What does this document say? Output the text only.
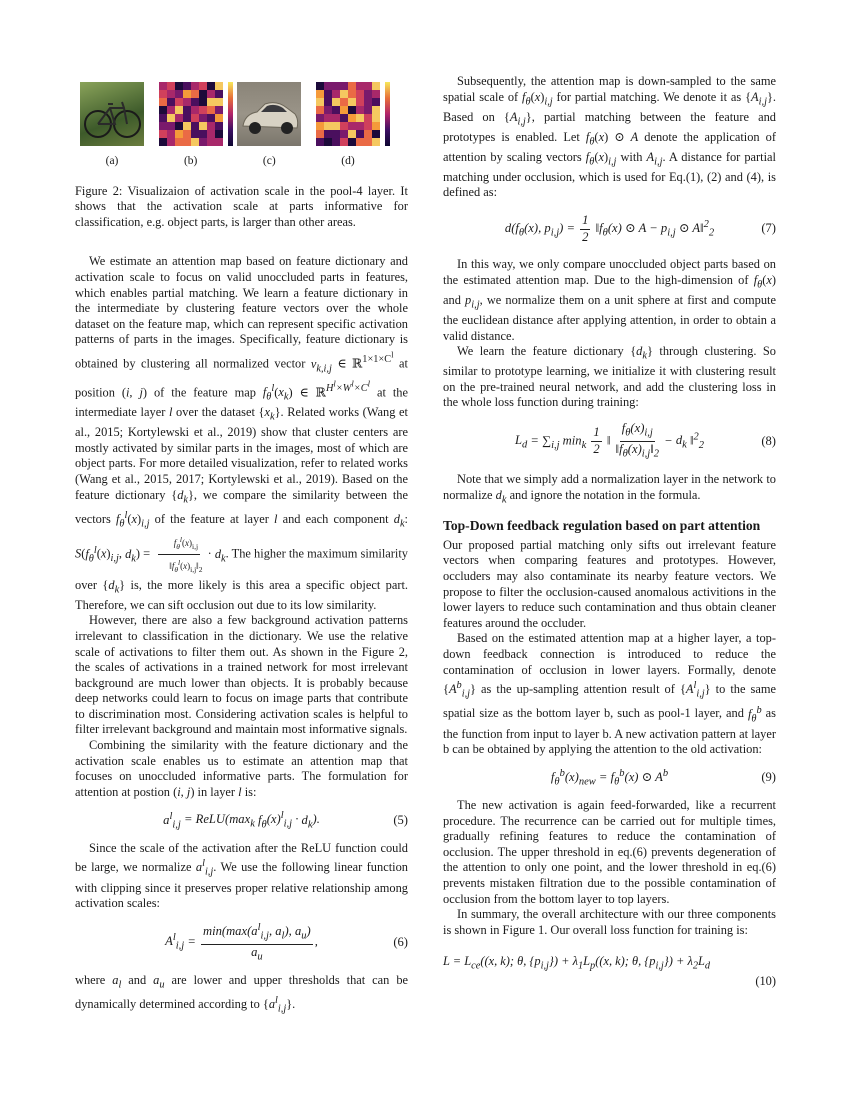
(a)	(b)	(c)	(d)
Figure 2: Visualizaion of activation scale in the pool-4 layer. It shows that the activation scale at parts informative for classification, e.g. object parts, is larger than other areas.

We estimate an attention map based on feature dictionary and activation scale to focus on valid unoccluded parts in features, which enables partial matching. We learn a feature dictionary in the intermediate by clustering feature vectors over the whole dataset on the feature map, which can represent specific activation patterns of parts in the images. Specifically, feature dictionary is obtained by clustering all normalized vector $v_{k,i,j}$ ∈ ℝ$^{1\times 1\times C^l}$ at position (i, j) of the feature map $f_\theta^l(x_k)$ ∈ ℝ$^{H^l\times W^l\times C^l}$ at the intermediate layer l over the dataset $\{x_k\}$. Related works (Wang et al., 2015; Kortylewski et al., 2019) show that cluster centers are mostly activated by similar parts in the images, most of which are object parts. For more detailed visualization, refer to related works (Wang et al., 2015, 2017; Kortylewski et al., 2019). Based on the feature dictionary $\{d_k\}$, we compare the similarity between the vectors $f_\theta^l(x)_{i,j}$ of the feature at layer l and each component $d_k$: $S(f_\theta^l(x)_{i,j}$, $d_k) = \frac{f_\theta^l(x)_{i,j}}{‖f_\theta^l(x)_{i,j}‖_2} \cdot d_k$. The higher the maximum similarity over $\{d_k\}$ is, the more likely is this area a specific object part. Therefore, we can sift occlusion out due to its low similarity.

However, there are also a few background activation patterns irrelevant to classification in the dictionary. We use the relative scale of activations to filter them out. As shown in the Figure 2, the scales of activations in a trained network for most irrelevant background are much lower than objects. It is probably because deep networks could learn to focus on image parts that contribute to discrimination most. Considering activation scales is helpful to filter irrelevant background and maintain most informative signals.

Combining the similarity with the feature dictionary and the activation scale enables us to estimate an attention map that focuses on unoccluded informative parts. The formulation for attention at postion (i, j) in layer l is:

$a^l_{i,j}$ = $ReLU(\max_k$ $f_\theta(x)^l_{i,j} \cdot d_k$).	(5)

Since the scale of the activation after the ReLU function could be large, we normalize $a^l_{i,j}$. We use the following linear function with clipping since it preserves proper relative relationship among activation scales:

$A^l_{i,j} = \frac{\min(\max(a^l_{i,j}, a_l), a_u)}{a_u}$ ,	(6)

where $a_l$ and $a_u$ are lower and upper thresholds that can be dynamically determined according to $\{a^l_{i,j}\}$.

Subsequently, the attention map is down-sampled to the same spatial scale of $f_\theta(x)_{i,j}$ for partial matching. We denote it as $\{A_{i,j}\}$. Based on $\{A_{i,j}\}$, partial matching between the feature and prototypes is enabled. Let $f_\theta(x)$ ⊙ A denote the application of attention by scaling vectors $f_\theta(x)_{i,j}$ with $A_{i,j}$. A distance for partial matching under occlusion, which is used for Eq.(1), (2) and (4), is defined as:

$d(f_\theta(x)$, $p_{i,j}) = \frac{1}{2}$ $‖f_\theta(x)$ ⊙ $A - p_{i,j}$ ⊙ A‖$^2_2$	(7)

In this way, we only compare unoccluded object parts based on the estimated attention map. Due to the high-dimension of $f_\theta(x)$ and $p_{i,j}$, we normalize them on a unit sphere at first and compute the euclidean distance after applying attention, in order to obtain a valid distance.

We learn the feature dictionary $\{d_k\}$ through clustering. So similar to prototype learning, we initialize it with clustering result on the pre-trained neural network, and add the clustering loss in the whole loss function during training:

$L_d = \sum_{i,j}$ $\min_k \frac{1}{2}$ ‖ $\frac{f_\theta(x)_{i,j}}{‖f_\theta(x)_{i,j}‖_2} - d_k$ ‖$^2_2$	(8)

Note that we simply add a normalization layer in the network to normalize $d_k$ and ignore the notation in the formula.

Top-Down feedback regulation based on part attention

Our proposed partial matching only sifts out irrelevant feature vectors when comparing features and prototypes. However, occluders may also contaminate its nearby feature vectors. We propose to filter the occlusion-caused anomalous activitions in the lower layers to reduce such contamination and thus obtain cleaner features around the occluder.

Based on the estimated attention map at a higher layer, a top-down feedback connection is introduced to reduce the contamination of occlusion in lower layers. Formally, denote $\{A^b_{i,j}\}$ as the up-sampling attention result of $\{A^l_{i,j}\}$ to the same spatial size as the bottom layer b, such as pool-1 layer, and $f_\theta^b$ as the function from input to layer b. A new activation pattern at layer b can be obtained by applying the attention to the old activation:

$f_\theta^b(x)_{new} = f_\theta^b(x)$ ⊙ $A^b$	(9)

The new activation is again feed-forwarded, like a recurrent procedure. The recurrence can be carried out for multiple times, gradually refining features to reduce the contamination of occlusion. The upper threshold in eq.(6) prevents degeneration of the attention to only one point, and the lower threshold in eq.(6) prevents mistaken filtration due to the possible contamination of occlusion from the bottom layer to top layers.

In summary, the overall architecture with our three components is shown in Figure 1. Our overall loss function for training is:

$L = L_{ce}((x$, k); θ, $\{p_{i,j}\}) + \lambda_1L_p((x$, k); θ, $\{p_{i,j}\}) + \lambda_2L_d$
(10)
